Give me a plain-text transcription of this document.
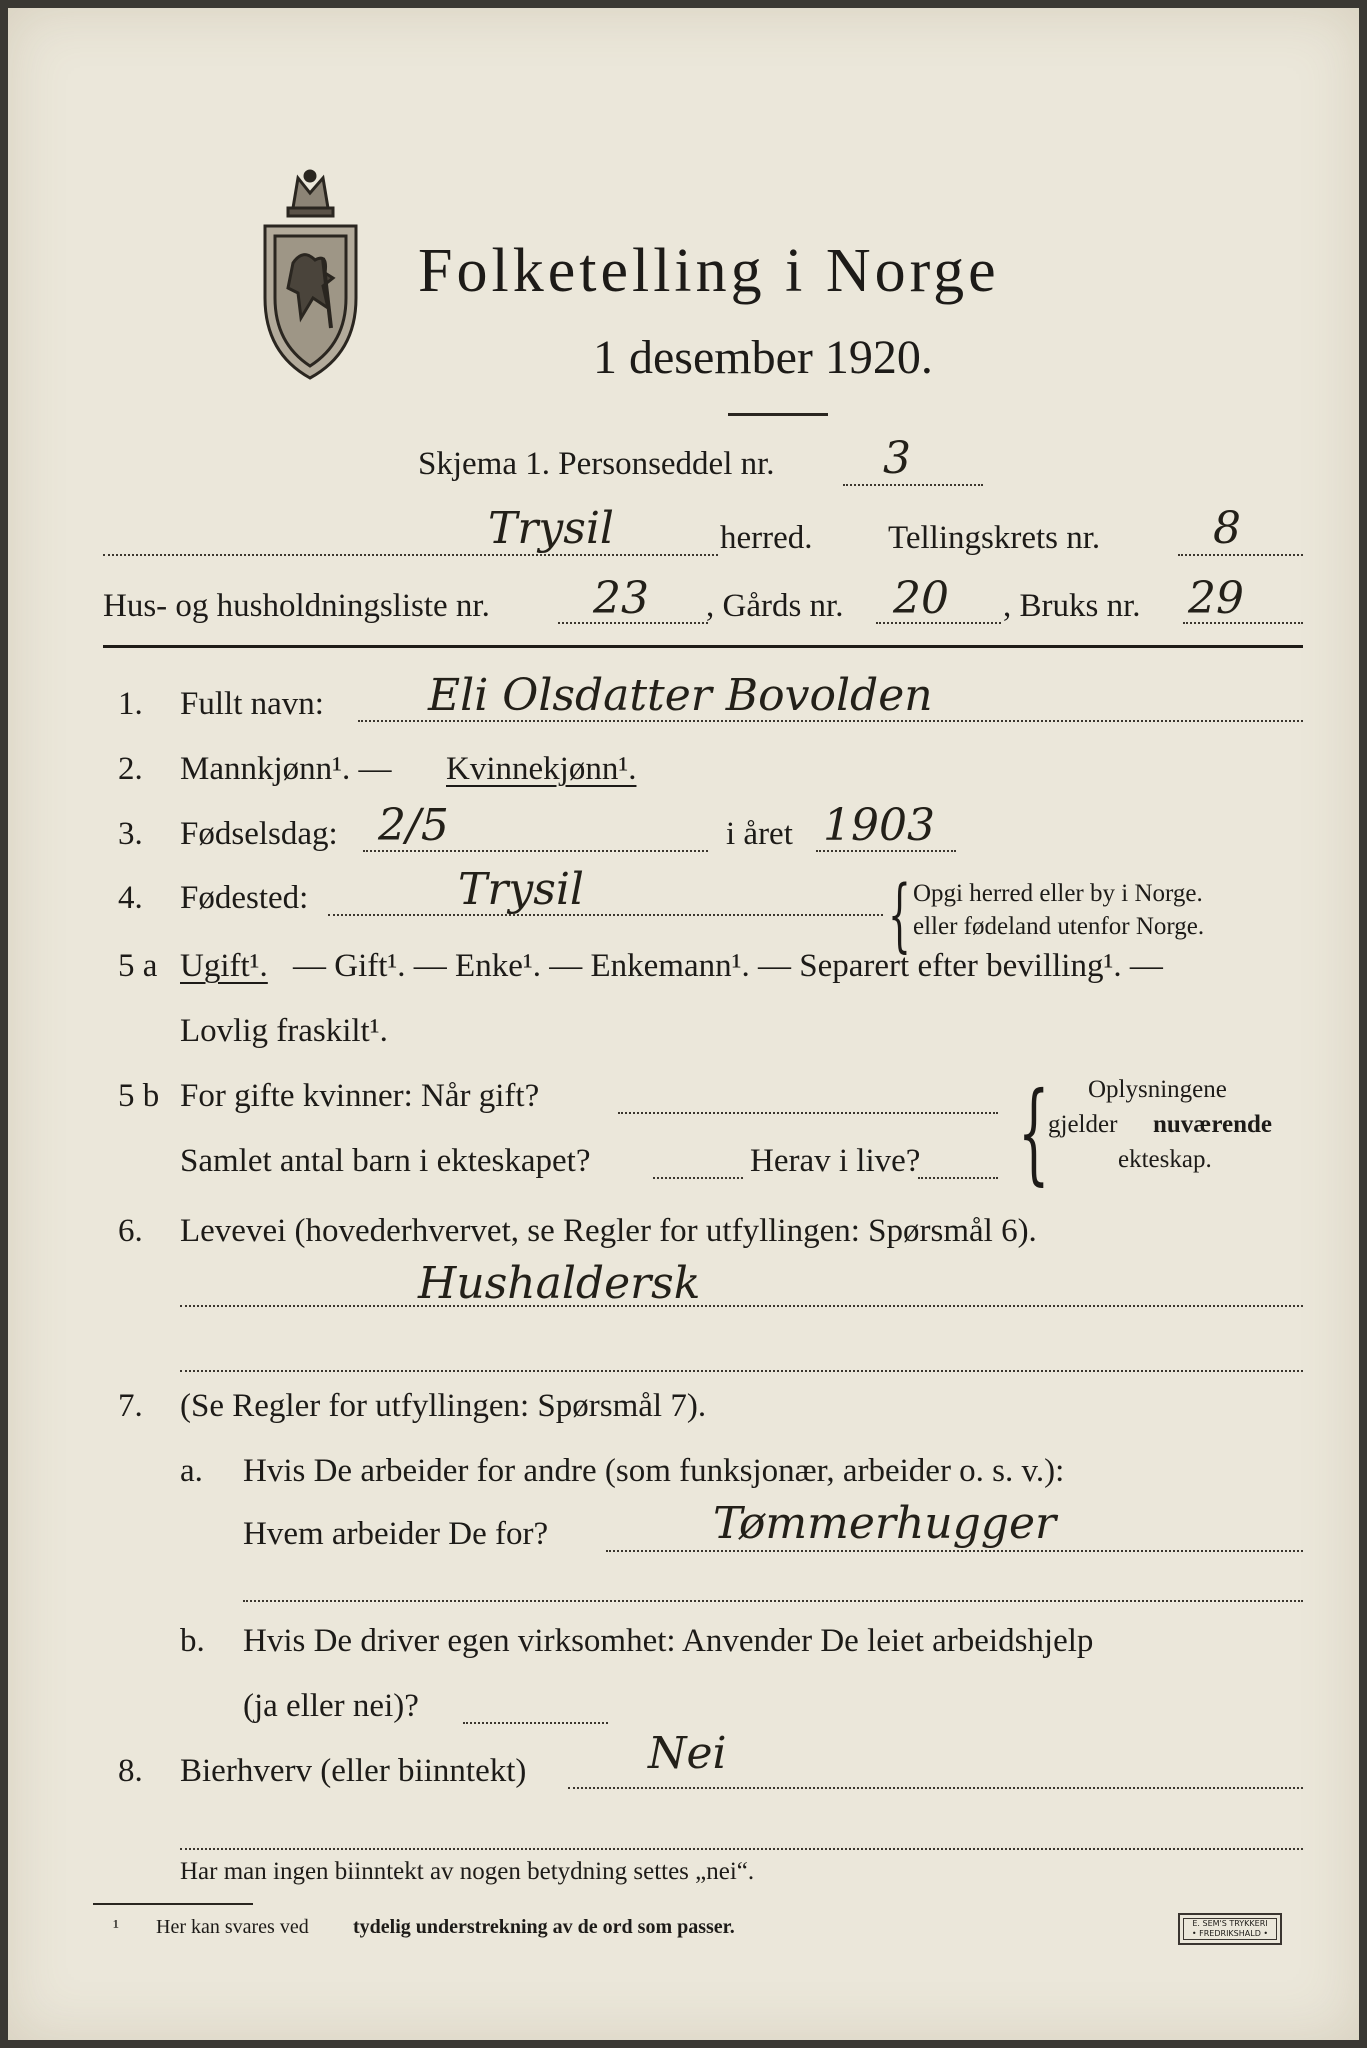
Folketelling i Norge
1 desember 1920.
Skjema 1. Personseddel nr. 3
Trysil	herred. Tellingskrets nr.	8
Hus- og husholdningsliste nr. 23 , Gårds nr. 20 , Bruks nr. 29
1. Fullt navn: Eli Olsdatter Bovolden
2. Mannkjønn¹. — Kvinnekjønn¹.
3. Fødselsdag: 2/5	i året 1903
4. Fødested:	Trysil	{ Opgi herred eller by i Norge.
eller fødeland utenfor Norge.
5 a Ugift¹. — Gift¹. — Enke¹. — Enkemann¹. — Separert efter bevilling¹. —
Lovlig fraskilt¹.
5 b For gifte kvinner: Når gift?
Samlet antal barn i ekteskapet?	Herav i live? { Oplysningene
gjelder nuværende
ekteskap.
6. Levevei (hovederhvervet, se Regler for utfyllingen: Spørsmål 6).
Hushaldersk
7. (Se Regler for utfyllingen: Spørsmål 7).
a. Hvis De arbeider for andre (som funksjonær, arbeider o. s. v.):
Hvem arbeider De for?	Tømmerhugger
b. Hvis De driver egen virksomhet: Anvender De leiet arbeidshjelp
(ja eller nei)?
8. Bierhverv (eller biinntekt)	Nei
Har man ingen biinntekt av nogen betydning settes „nei“.
¹ Her kan svares ved tydelig understrekning av de ord som passer.	E. SEM'S TRYKKERI
• FREDRIKSHALD •
